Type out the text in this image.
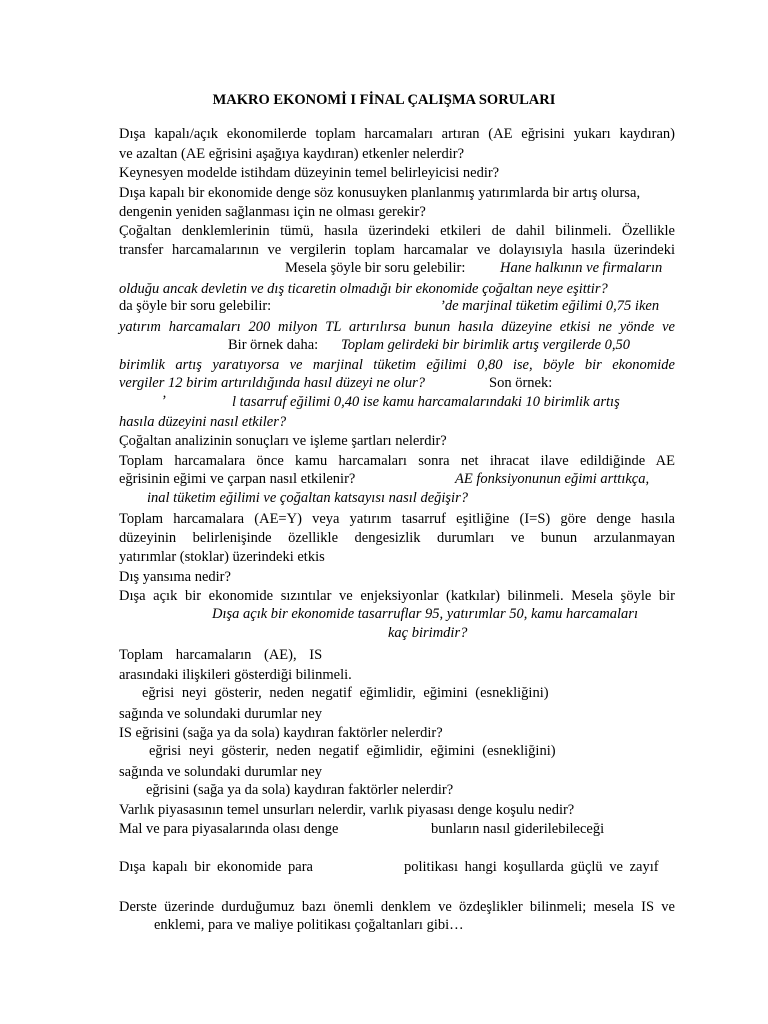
MAKRO EKONOMİ I FİNAL ÇALIŞMA SORULARI
Dışa kapalı/açık ekonomilerde toplam harcamaları artıran (AE eğrisini yukarı kaydıran)
ve azaltan (AE eğrisini aşağıya kaydıran) etkenler nelerdir?
Keynesyen modelde istihdam düzeyinin temel belirleyicisi nedir?
Dışa kapalı bir ekonomide denge söz konusuyken planlanmış yatırımlarda bir artış olursa,
dengenin yeniden sağlanması için ne olması gerekir?
Çoğaltan denklemlerinin tümü, hasıla üzerindeki etkileri de dahil bilinmeli. Özellikle
transfer harcamalarının ve vergilerin toplam harcamalar ve dolayısıyla hasıla üzerindeki
Mesela şöyle bir soru gelebilir: Hane halkının ve firmaların
olduğu ancak devletin ve dış ticaretin olmadığı bir ekonomide çoğaltan neye eşittir?
da şöyle bir soru gelebilir:	’de marjinal tüketim eğilimi 0,75 iken
yatırım harcamaları 200 milyon TL artırılırsa bunun hasıla düzeyine etkisi ne yönde ve
Bir örnek daha: Toplam gelirdeki bir birimlik artış vergilerde 0,50
birimlik artış yaratıyorsa ve marjinal tüketim eğilimi 0,80 ise, böyle bir ekonomide
vergiler 12 birim artırıldığında hasıl düzeyi ne olur?	Son örnek:
’	l tasarruf eğilimi 0,40 ise kamu harcamalarındaki 10 birimlik artış
hasıla düzeyini nasıl etkiler?
Çoğaltan analizinin sonuçları ve işleme şartları nelerdir?
Toplam harcamalara önce kamu harcamaları sonra net ihracat ilave edildiğinde AE
eğrisinin eğimi ve çarpan nasıl etkilenir?	AE fonksiyonunun eğimi arttıkça,
inal tüketim eğilimi ve çoğaltan katsayısı nasıl değişir?
Toplam harcamalara (AE=Y) veya yatırım tasarruf eşitliğine (I=S) göre denge hasıla
düzeyinin belirlenişinde özellikle dengesizlik durumları ve bunun arzulanmayan
yatırımlar (stoklar) üzerindeki etkis
Dış yansıma nedir?
Dışa açık bir ekonomide sızıntılar ve enjeksiyonlar (katkılar) bilinmeli. Mesela şöyle bir
Dışa açık bir ekonomide tasarruflar 95, yatırımlar 50, kamu harcamaları
kaç birimdir?
Toplam harcamaların (AE), IS
arasındaki ilişkileri gösterdiği bilinmeli.
eğrisi neyi gösterir, neden negatif eğimlidir, eğimini (esnekliğini)
sağında ve solundaki durumlar ney
IS eğrisini (sağa ya da sola) kaydıran faktörler nelerdir?
eğrisi neyi gösterir, neden negatif eğimlidir, eğimini (esnekliğini)
sağında ve solundaki durumlar ney
eğrisini (sağa ya da sola) kaydıran faktörler nelerdir?
Varlık piyasasının temel unsurları nelerdir, varlık piyasası denge koşulu nedir?
Mal ve para piyasalarında olası denge	bunların nasıl giderilebileceği
Dışa kapalı bir ekonomide para	politikası hangi koşullarda güçlü ve zayıf
Derste üzerinde durduğumuz bazı önemli denklem ve özdeşlikler bilinmeli; mesela IS ve
enklemi, para ve maliye politikası çoğaltanları gibi…
